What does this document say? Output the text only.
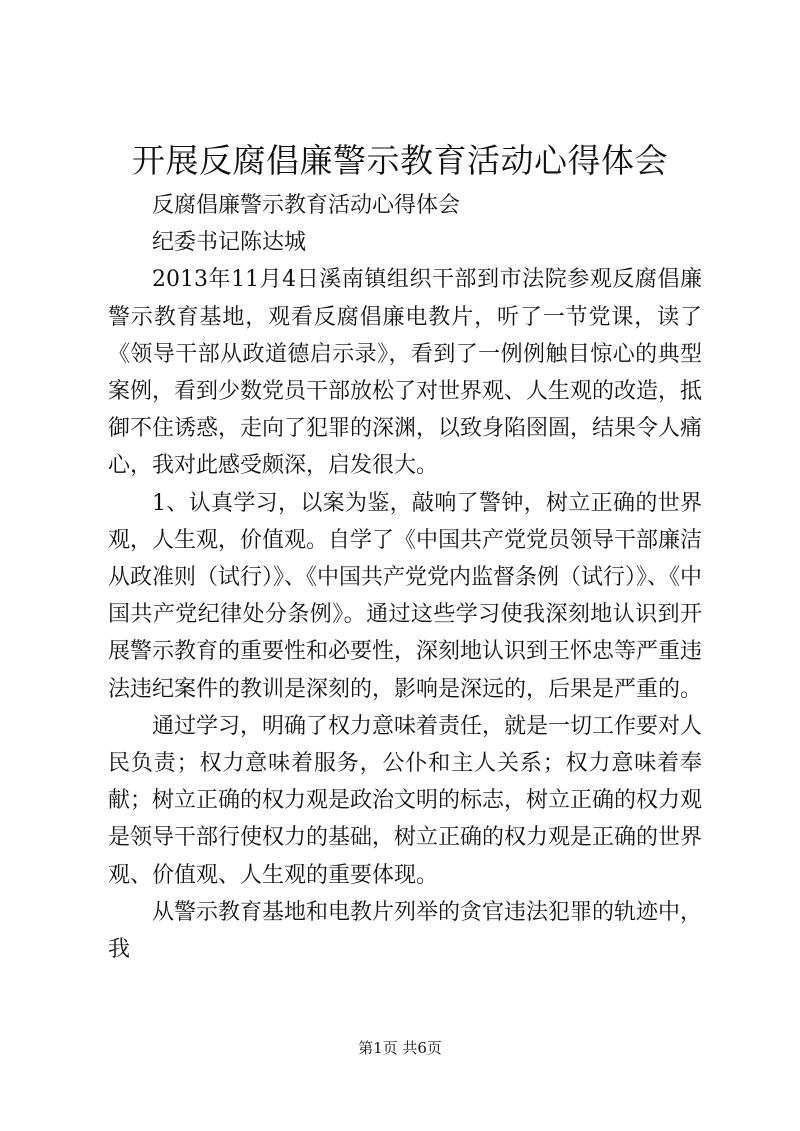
开展反腐倡廉警示教育活动心得体会

反腐倡廉警示教育活动心得体会

纪委书记陈达城

2013年11月4日溪南镇组织干部到市法院参观反腐倡廉警示教育基地，观看反腐倡廉电教片，听了一节党课，读了《领导干部从政道德启示录》，看到了一例例触目惊心的典型案例，看到少数党员干部放松了对世界观、人生观的改造，抵御不住诱惑，走向了犯罪的深渊，以致身陷囹圄，结果令人痛心，我对此感受颇深，启发很大。

1、认真学习，以案为鉴，敲响了警钟，树立正确的世界观，人生观，价值观。自学了《中国共产党党员领导干部廉洁从政准则（试行）》、《中国共产党党内监督条例（试行）》、《中国共产党纪律处分条例》。通过这些学习使我深刻地认识到开展警示教育的重要性和必要性，深刻地认识到王怀忠等严重违法违纪案件的教训是深刻的，影响是深远的，后果是严重的。

通过学习，明确了权力意味着责任，就是一切工作要对人民负责；权力意味着服务，公仆和主人关系；权力意味着奉献；树立正确的权力观是政治文明的标志，树立正确的权力观是领导干部行使权力的基础，树立正确的权力观是正确的世界观、价值观、人生观的重要体现。

从警示教育基地和电教片列举的贪官违法犯罪的轨迹中，我

第1页 共6页
